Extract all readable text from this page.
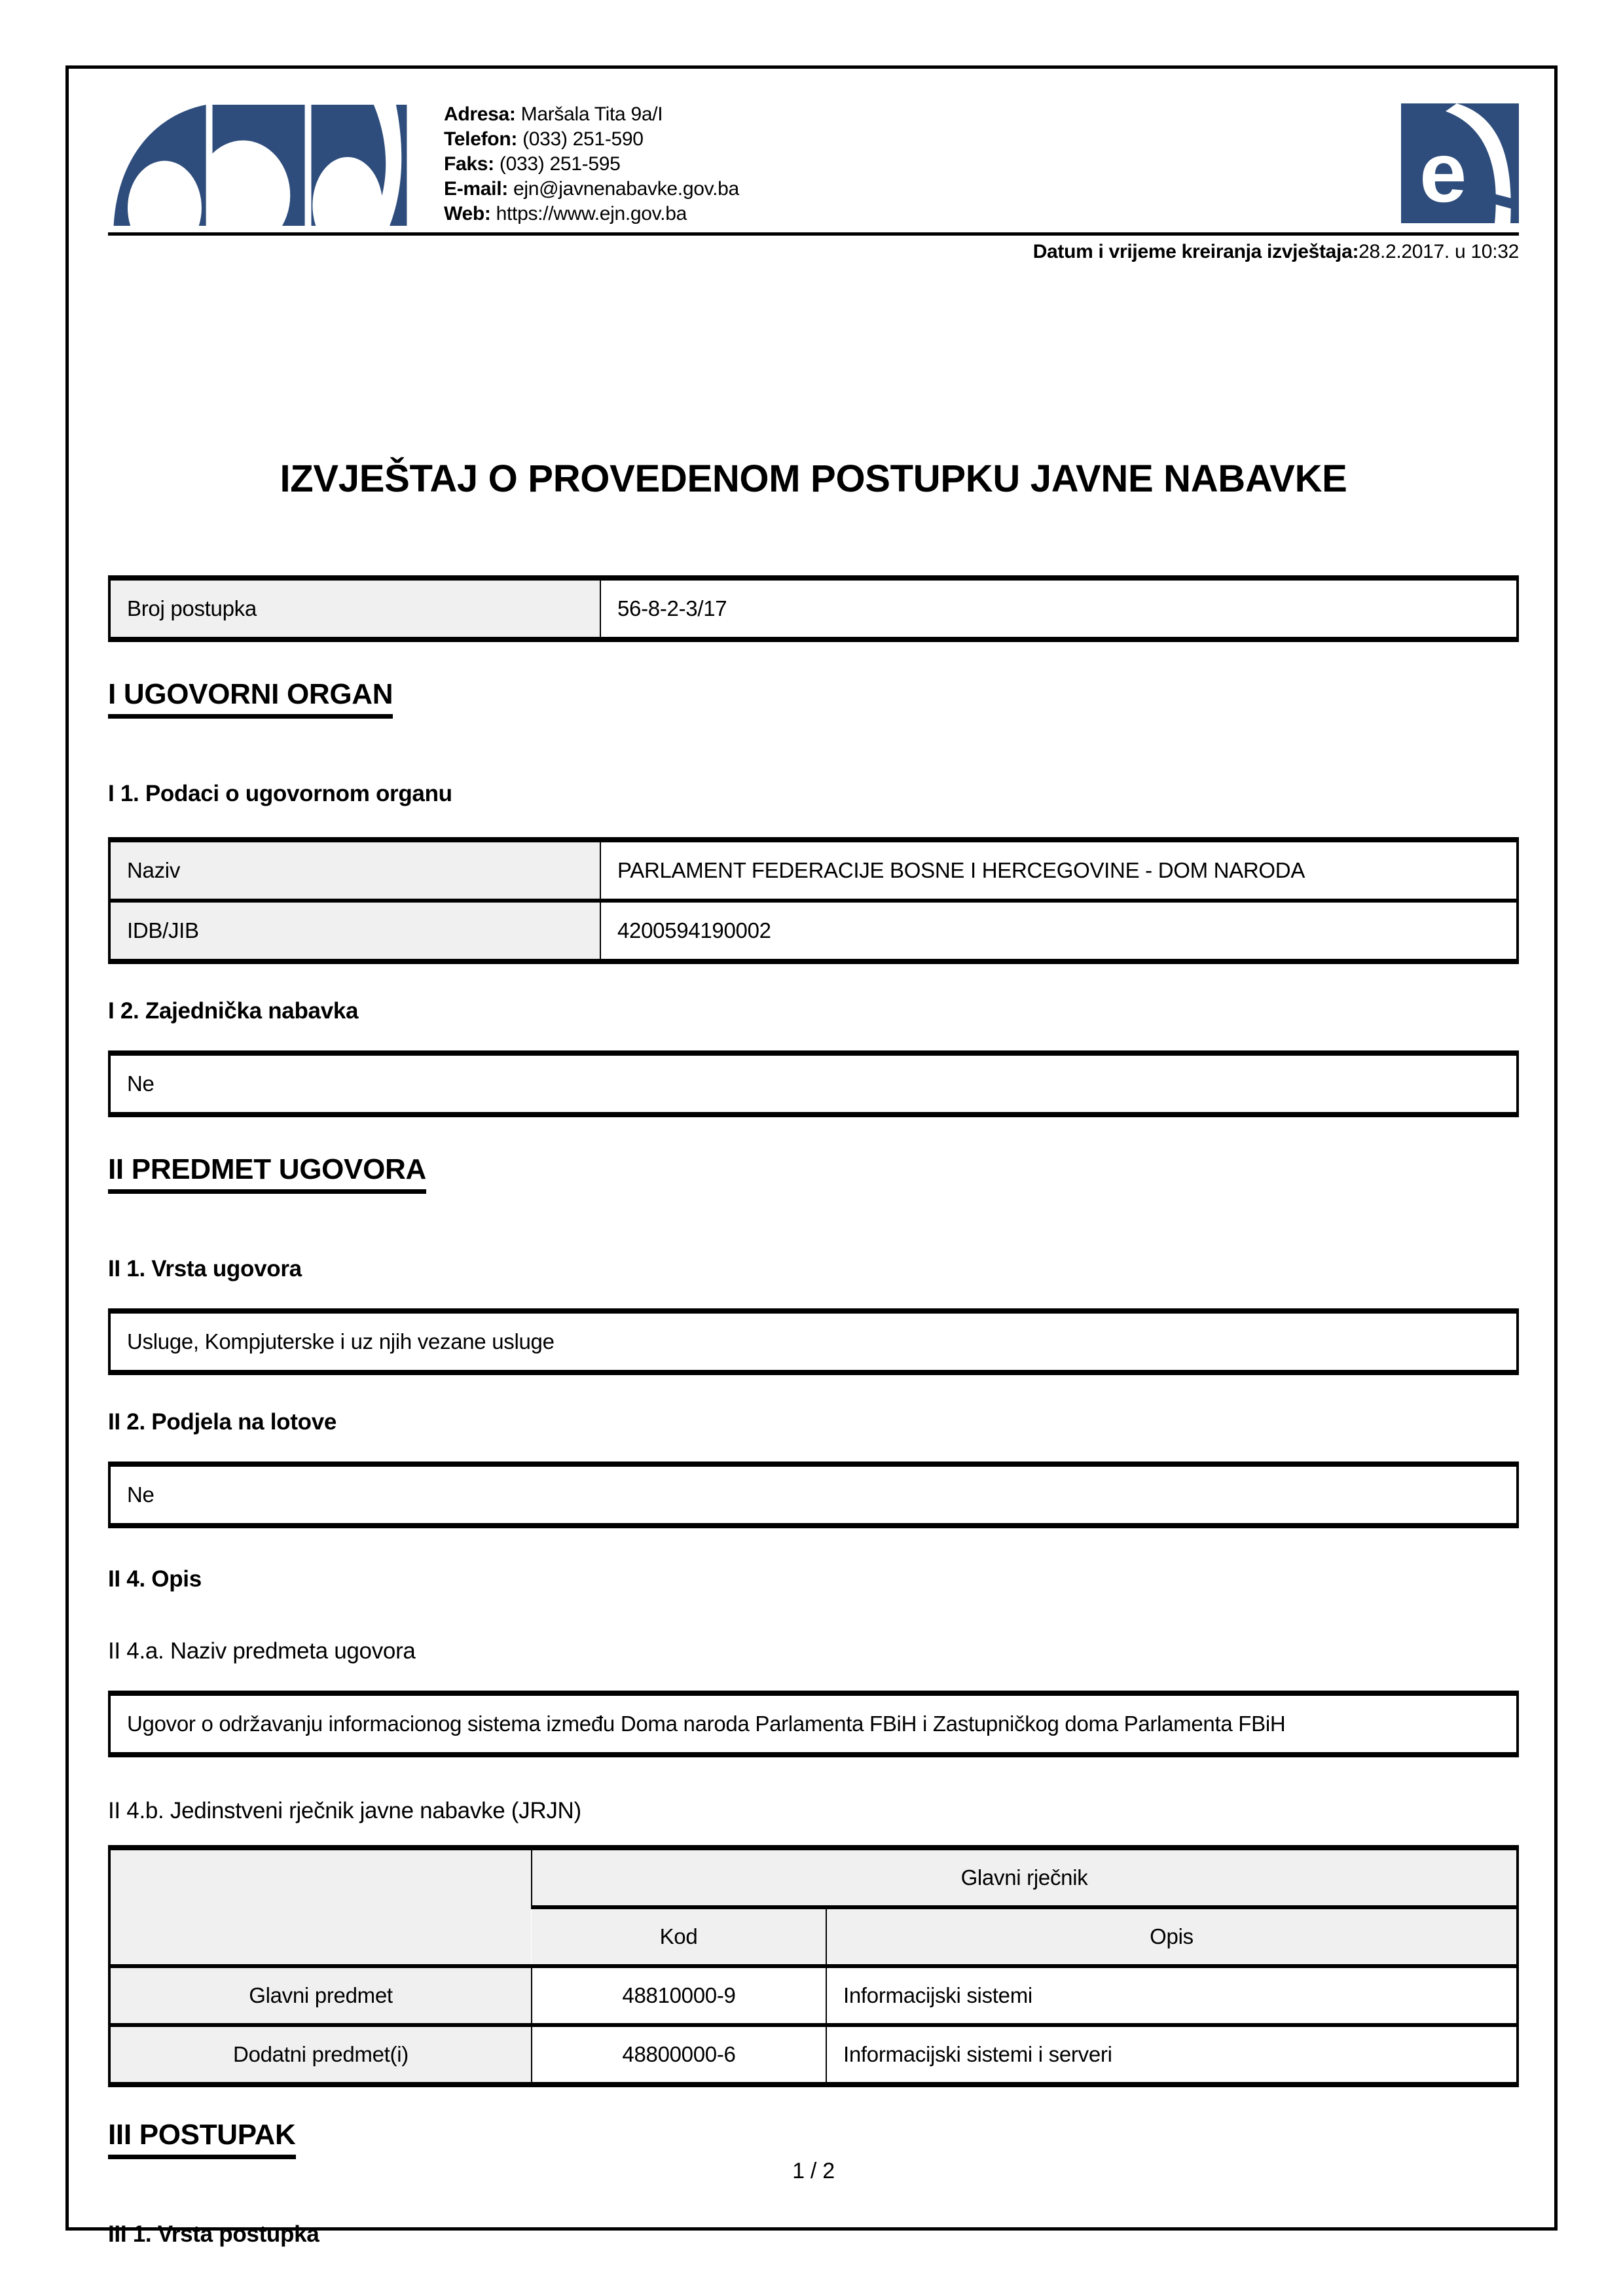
Adresa: Maršala Tita 9a/I
Telefon: (033) 251-590
Faks: (033) 251-595
E-mail: ejn@javnenabavke.gov.ba
Web: https://www.ejn.gov.ba	e
Datum i vrijeme kreiranja izvještaja:28.2.2017. u 10:32
IZVJEŠTAJ O PROVEDENOM POSTUPKU JAVNE NABAVKE
Broj postupka	56-8-2-3/17
I UGOVORNI ORGAN
I 1. Podaci o ugovornom organu
Naziv	PARLAMENT FEDERACIJE BOSNE I HERCEGOVINE - DOM NARODA
IDB/JIB	4200594190002
I 2. Zajednička nabavka
Ne
II PREDMET UGOVORA
II 1. Vrsta ugovora
Usluge, Kompjuterske i uz njih vezane usluge
II 2. Podjela na lotove
Ne
II 4. Opis
II 4.a. Naziv predmeta ugovora
Ugovor o održavanju informacionog sistema između Doma naroda Parlamenta FBiH i Zastupničkog doma Parlamenta FBiH
II 4.b. Jedinstveni rječnik javne nabavke (JRJN)
	Glavni rječnik	
	Kod	Opis
Glavni predmet	48810000-9	Informacijski sistemi
Dodatni predmet(i)	48800000-6	Informacijski sistemi i serveri
III POSTUPAK
III 1. Vrsta postupka
1 / 2
